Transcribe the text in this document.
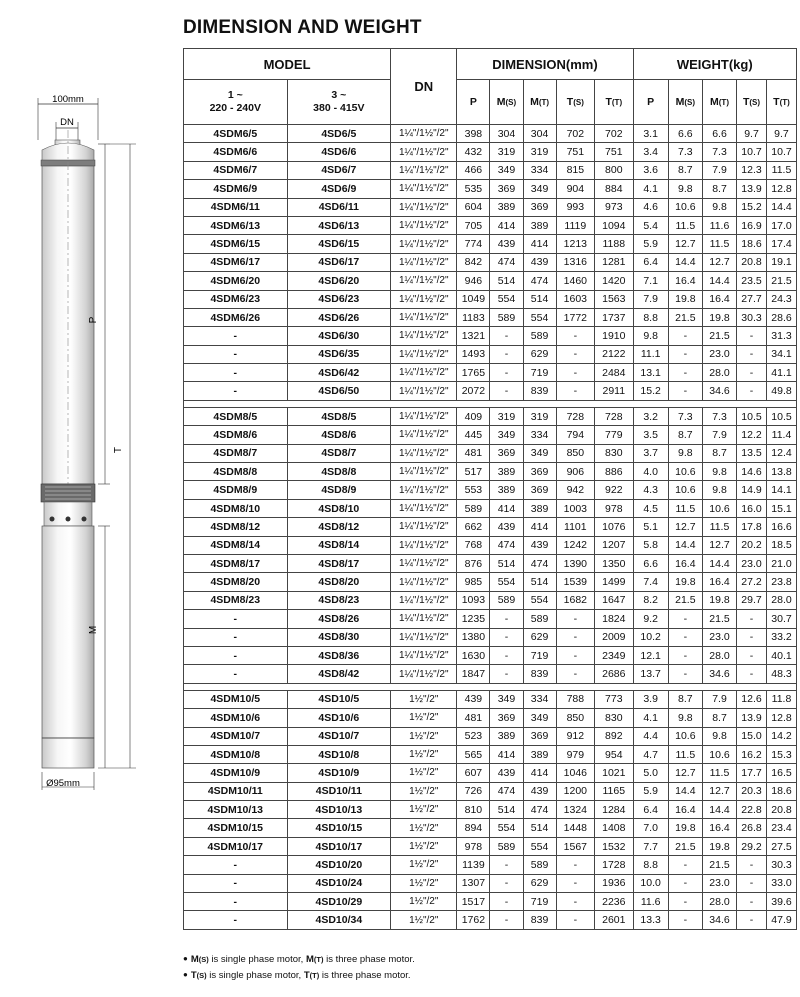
DIMENSION AND WEIGHT
100mm
DN
P
T
M
Ø95mm
MODEL		DN	DIMENSION(mm)					WEIGHT(kg)				
1 ~
220 - 240V	3 ~
380 - 415V		P	M(S)	M(T)	T(S)	T(T)	P	M(S)	M(T)	T(S)	T(T)
4SDM6/5	4SD6/5	1¼"/1½"/2"	398	304	304	702	702	3.1	6.6	6.6	9.7	9.7
4SDM6/6	4SD6/6	1¼"/1½"/2"	432	319	319	751	751	3.4	7.3	7.3	10.7	10.7
4SDM6/7	4SD6/7	1¼"/1½"/2"	466	349	334	815	800	3.6	8.7	7.9	12.3	11.5
4SDM6/9	4SD6/9	1¼"/1½"/2"	535	369	349	904	884	4.1	9.8	8.7	13.9	12.8
4SDM6/11	4SD6/11	1¼"/1½"/2"	604	389	369	993	973	4.6	10.6	9.8	15.2	14.4
4SDM6/13	4SD6/13	1¼"/1½"/2"	705	414	389	1119	1094	5.4	11.5	11.6	16.9	17.0
4SDM6/15	4SD6/15	1¼"/1½"/2"	774	439	414	1213	1188	5.9	12.7	11.5	18.6	17.4
4SDM6/17	4SD6/17	1¼"/1½"/2"	842	474	439	1316	1281	6.4	14.4	12.7	20.8	19.1
4SDM6/20	4SD6/20	1¼"/1½"/2"	946	514	474	1460	1420	7.1	16.4	14.4	23.5	21.5
4SDM6/23	4SD6/23	1¼"/1½"/2"	1049	554	514	1603	1563	7.9	19.8	16.4	27.7	24.3
4SDM6/26	4SD6/26	1¼"/1½"/2"	1183	589	554	1772	1737	8.8	21.5	19.8	30.3	28.6
-	4SD6/30	1¼"/1½"/2"	1321	-	589	-	1910	9.8	-	21.5	-	31.3
-	4SD6/35	1¼"/1½"/2"	1493	-	629	-	2122	11.1	-	23.0	-	34.1
-	4SD6/42	1¼"/1½"/2"	1765	-	719	-	2484	13.1	-	28.0	-	41.1
-	4SD6/50	1¼"/1½"/2"	2072	-	839	-	2911	15.2	-	34.6	-	49.8

4SDM8/5	4SD8/5	1¼"/1½"/2"	409	319	319	728	728	3.2	7.3	7.3	10.5	10.5
4SDM8/6	4SD8/6	1¼"/1½"/2"	445	349	334	794	779	3.5	8.7	7.9	12.2	11.4
4SDM8/7	4SD8/7	1¼"/1½"/2"	481	369	349	850	830	3.7	9.8	8.7	13.5	12.4
4SDM8/8	4SD8/8	1¼"/1½"/2"	517	389	369	906	886	4.0	10.6	9.8	14.6	13.8
4SDM8/9	4SD8/9	1¼"/1½"/2"	553	389	369	942	922	4.3	10.6	9.8	14.9	14.1
4SDM8/10	4SD8/10	1¼"/1½"/2"	589	414	389	1003	978	4.5	11.5	10.6	16.0	15.1
4SDM8/12	4SD8/12	1¼"/1½"/2"	662	439	414	1101	1076	5.1	12.7	11.5	17.8	16.6
4SDM8/14	4SD8/14	1¼"/1½"/2"	768	474	439	1242	1207	5.8	14.4	12.7	20.2	18.5
4SDM8/17	4SD8/17	1¼"/1½"/2"	876	514	474	1390	1350	6.6	16.4	14.4	23.0	21.0
4SDM8/20	4SD8/20	1¼"/1½"/2"	985	554	514	1539	1499	7.4	19.8	16.4	27.2	23.8
4SDM8/23	4SD8/23	1¼"/1½"/2"	1093	589	554	1682	1647	8.2	21.5	19.8	29.7	28.0
-	4SD8/26	1¼"/1½"/2"	1235	-	589	-	1824	9.2	-	21.5	-	30.7
-	4SD8/30	1¼"/1½"/2"	1380	-	629	-	2009	10.2	-	23.0	-	33.2
-	4SD8/36	1¼"/1½"/2"	1630	-	719	-	2349	12.1	-	28.0	-	40.1
-	4SD8/42	1¼"/1½"/2"	1847	-	839	-	2686	13.7	-	34.6	-	48.3

4SDM10/5	4SD10/5	1½"/2"	439	349	334	788	773	3.9	8.7	7.9	12.6	11.8
4SDM10/6	4SD10/6	1½"/2"	481	369	349	850	830	4.1	9.8	8.7	13.9	12.8
4SDM10/7	4SD10/7	1½"/2"	523	389	369	912	892	4.4	10.6	9.8	15.0	14.2
4SDM10/8	4SD10/8	1½"/2"	565	414	389	979	954	4.7	11.5	10.6	16.2	15.3
4SDM10/9	4SD10/9	1½"/2"	607	439	414	1046	1021	5.0	12.7	11.5	17.7	16.5
4SDM10/11	4SD10/11	1½"/2"	726	474	439	1200	1165	5.9	14.4	12.7	20.3	18.6
4SDM10/13	4SD10/13	1½"/2"	810	514	474	1324	1284	6.4	16.4	14.4	22.8	20.8
4SDM10/15	4SD10/15	1½"/2"	894	554	514	1448	1408	7.0	19.8	16.4	26.8	23.4
4SDM10/17	4SD10/17	1½"/2"	978	589	554	1567	1532	7.7	21.5	19.8	29.2	27.5
-	4SD10/20	1½"/2"	1139	-	589	-	1728	8.8	-	21.5	-	30.3
-	4SD10/24	1½"/2"	1307	-	629	-	1936	10.0	-	23.0	-	33.0
-	4SD10/29	1½"/2"	1517	-	719	-	2236	11.6	-	28.0	-	39.6
-	4SD10/34	1½"/2"	1762	-	839	-	2601	13.3	-	34.6	-	47.9
● M(S) is single phase motor, M(T) is three phase motor.
● T(S) is single phase motor, T(T) is three phase motor.
